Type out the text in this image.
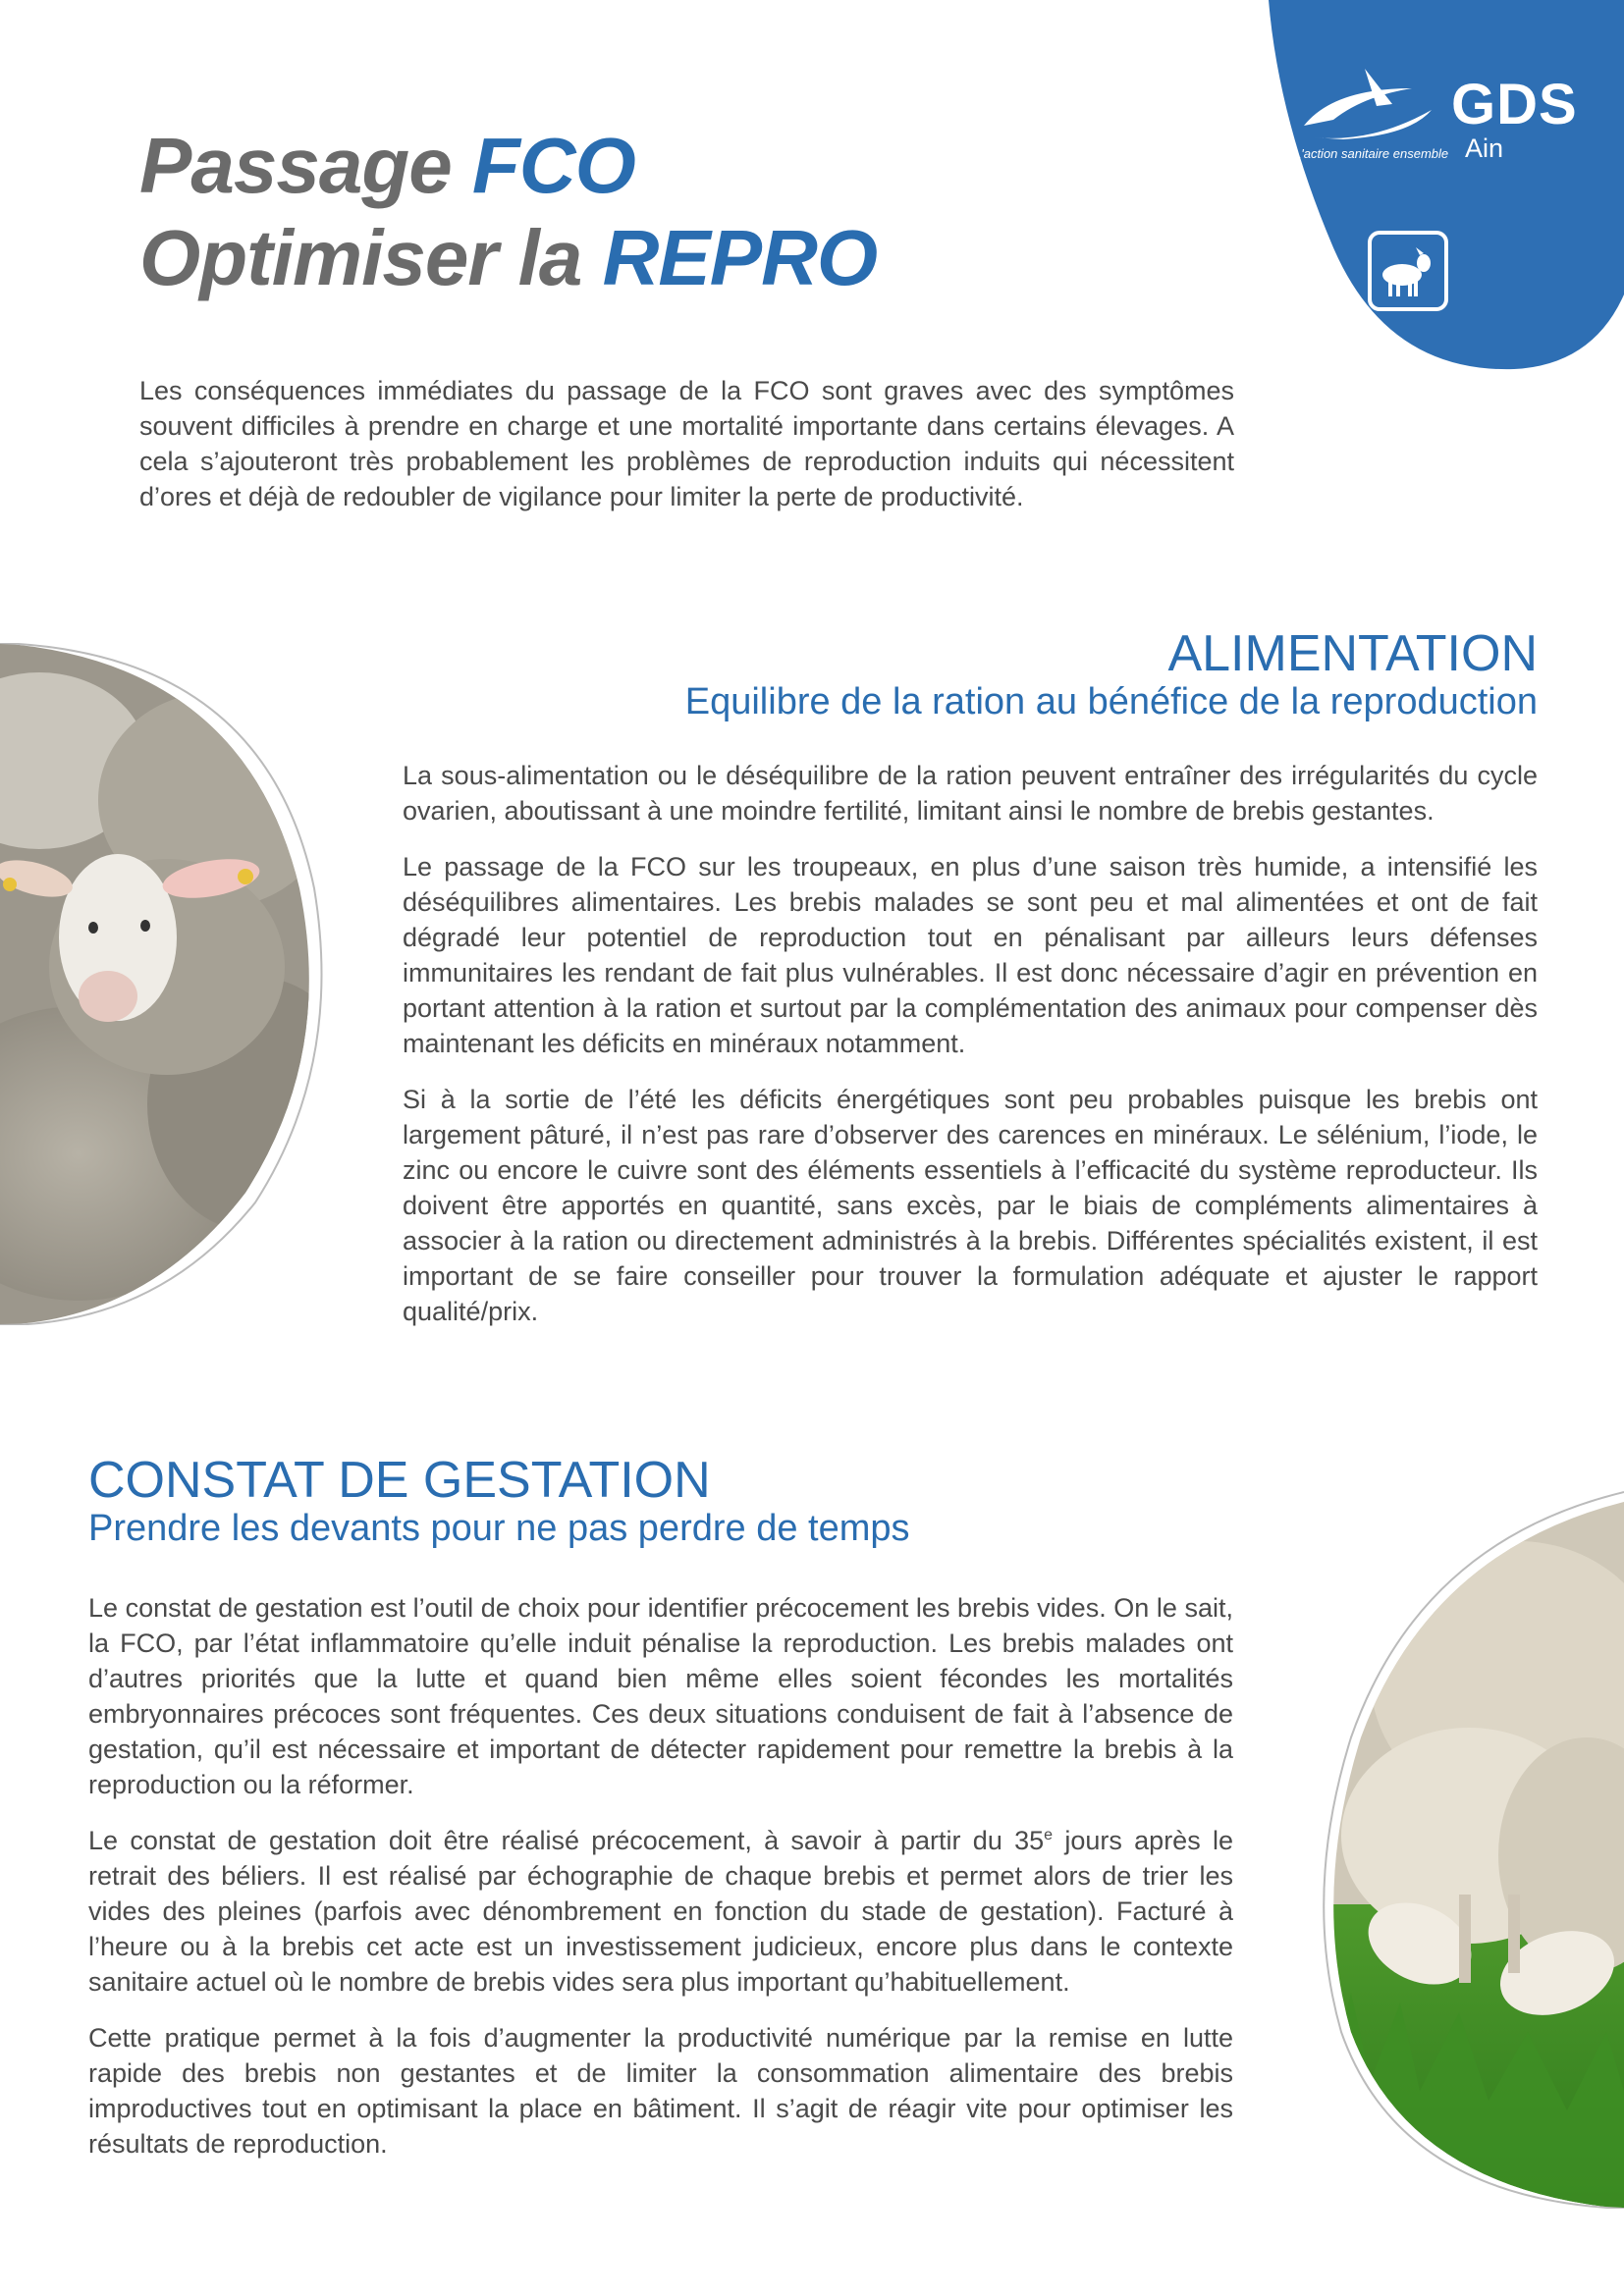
GDS
Ain
L'action sanitaire ensemble
Passage FCO
Optimiser la REPRO

Les conséquences immédiates du passage de la FCO sont graves avec des symptômes souvent difficiles à prendre en charge et une mortalité importante dans certains élevages. A cela s’ajouteront très probablement les problèmes de reproduction induits qui nécessitent d’ores et déjà de redoubler de vigilance pour limiter la perte de productivité.

ALIMENTATION
Equilibre de la ration au bénéfice de la reproduction

La sous-alimentation ou le déséquilibre de la ration peuvent entraîner des irrégularités du cycle ovarien, aboutissant à une moindre fertilité, limitant ainsi le nombre de brebis gestantes.

Le passage de la FCO sur les troupeaux, en plus d’une saison très humide, a intensifié les déséquilibres alimentaires. Les brebis malades se sont peu et mal alimentées et ont de fait dégradé leur potentiel de reproduction tout en pénalisant par ailleurs leurs défenses immunitaires les rendant de fait plus vulnérables. Il est donc nécessaire d’agir en prévention en portant attention à la ration et surtout par la complémentation des animaux pour compenser dès maintenant les déficits en minéraux notamment.

Si à la sortie de l’été les déficits énergétiques sont peu probables puisque les brebis ont largement pâturé, il n’est pas rare d’observer des carences en minéraux. Le sélénium, l’iode, le zinc ou encore le cuivre sont des éléments essentiels à l’efficacité du système reproducteur. Ils doivent être apportés en quantité, sans excès, par le biais de compléments alimentaires à associer à la ration ou directement administrés à la brebis. Différentes spécialités existent, il est important de se faire conseiller pour trouver la formulation adéquate et ajuster le rapport qualité/prix.

CONSTAT DE GESTATION
Prendre les devants pour ne pas perdre de temps

Le constat de gestation est l’outil de choix pour identifier précocement les brebis vides. On le sait, la FCO, par l’état inflammatoire qu’elle induit pénalise la reproduction. Les brebis malades ont d’autres priorités que la lutte et quand bien même elles soient fécondes les mortalités embryonnaires précoces sont fréquentes. Ces deux situations conduisent de fait à l’absence de gestation, qu’il est nécessaire et important de détecter rapidement pour remettre la brebis à la reproduction ou la réformer.

Le constat de gestation doit être réalisé précocement, à savoir à partir du 35e jours après le retrait des béliers. Il est réalisé par échographie de chaque brebis et permet alors de trier les vides des pleines (parfois avec dénombrement en fonction du stade de gestation). Facturé à l’heure ou à la brebis cet acte est un investissement judicieux, encore plus dans le contexte sanitaire actuel où le nombre de brebis vides sera plus important qu’habituellement.

Cette pratique permet à la fois d’augmenter la productivité numérique par la remise en lutte rapide des brebis non gestantes et de limiter la consommation alimentaire des brebis improductives tout en optimisant la place en bâtiment. Il s’agit de réagir vite pour optimiser les résultats de reproduction.
